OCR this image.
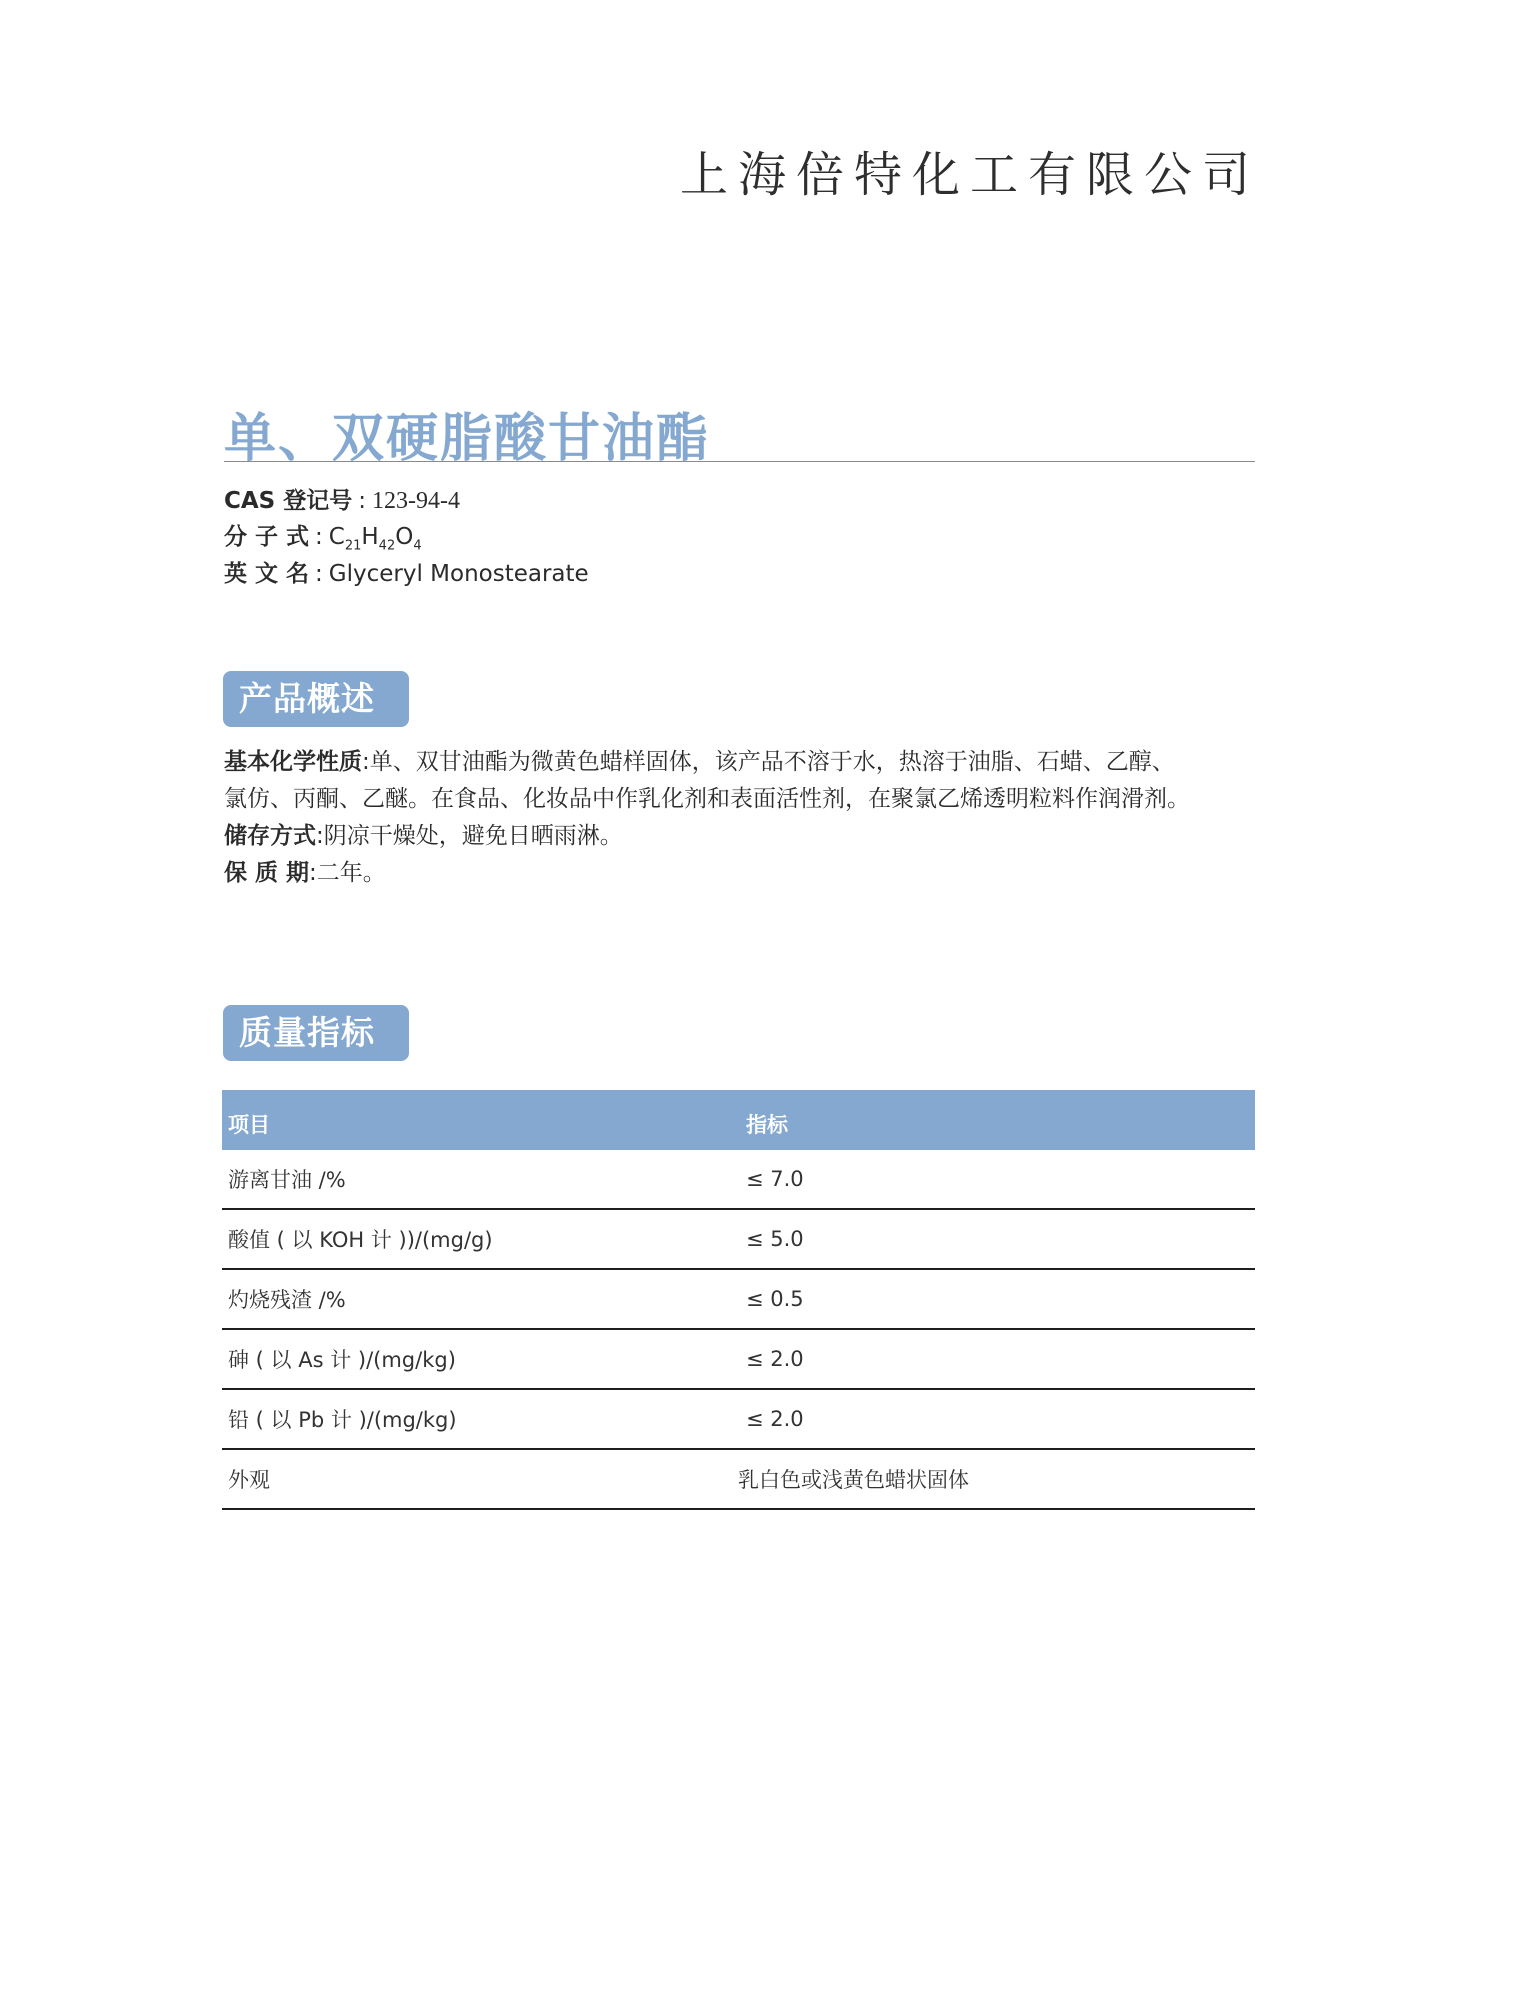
上海倍特化工有限公司
单、双硬脂酸甘油酯
CAS 登记号 : 123-94-4
分 子 式 : $C_{21}H_{42}O_4$
英 文 名 : Glyceryl Monostearate
产品概述
基本化学性质:单、双甘油酯为微黄色蜡样固体，该产品不溶于水，热溶于油脂、石蜡、乙醇、
氯仿、丙酮、乙醚。在食品、化妆品中作乳化剂和表面活性剂，在聚氯乙烯透明粒料作润滑剂。
储存方式:阴凉干燥处，避免日晒雨淋。
保 质 期:二年。
质量指标
项目	指标
游离甘油 /%	≤ 7.0
酸值 ( 以 KOH 计 ))/(mg/g)	≤ 5.0
灼烧残渣 /%	≤ 0.5
砷 ( 以 As 计 )/(mg/kg)	≤ 2.0
铅 ( 以 Pb 计 )/(mg/kg)	≤ 2.0
外观	乳白色或浅黄色蜡状固体
